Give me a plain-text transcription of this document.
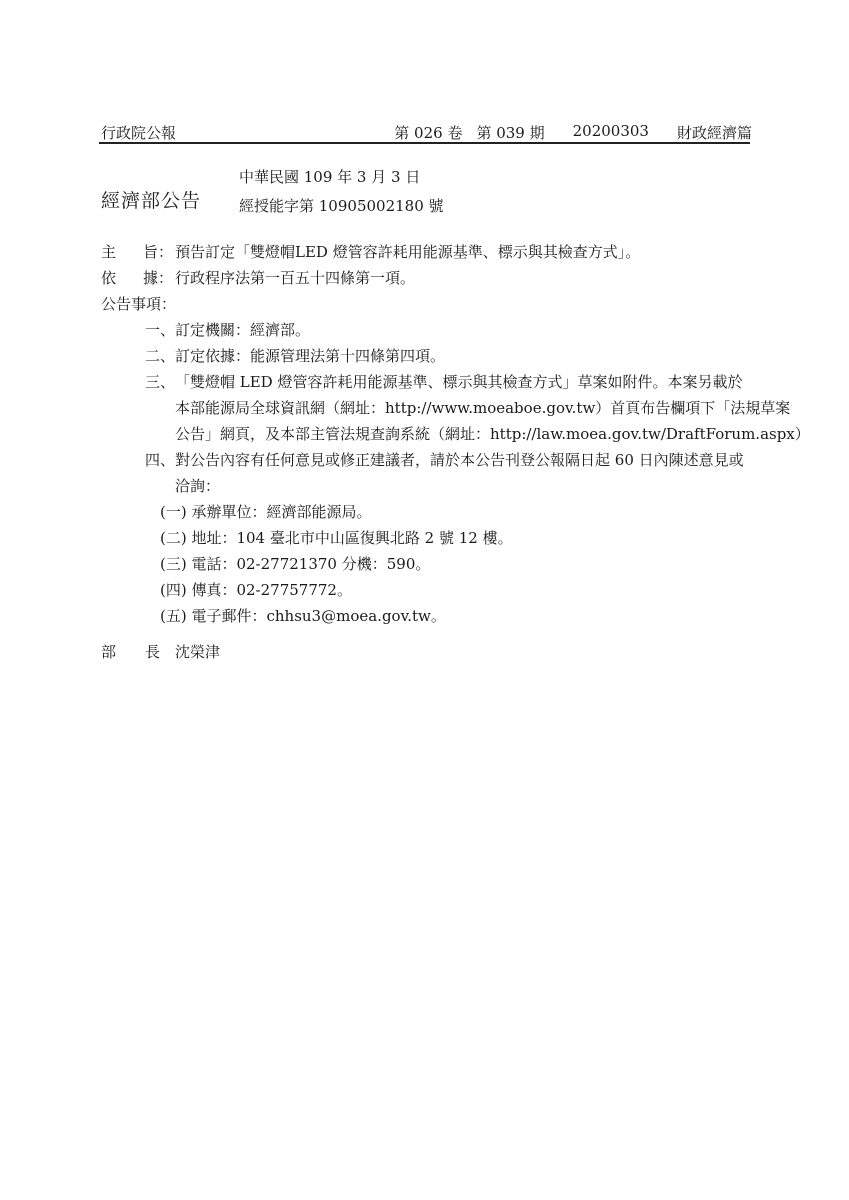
行政院公報	第 026 卷 第 039 期 20200303 財政經濟篇
經濟部公告
中華民國 109 年 3 月 3 日
經授能字第 10905002180 號
主 旨： 預告訂定「雙燈帽LED 燈管容許耗用能源基準、標示與其檢查方式」。
依 據： 行政程序法第一百五十四條第一項。
公告事項：
一、 訂定機關：經濟部。
二、 訂定依據：能源管理法第十四條第四項。
三、 「雙燈帽 LED 燈管容許耗用能源基準、標示與其檢查方式」草案如附件。本案另載於
本部能源局全球資訊網（網址：http://www.moeaboe.gov.tw）首頁布告欄項下「法規草案
公告」網頁，及本部主管法規查詢系統（網址：http://law.moea.gov.tw/DraftForum.aspx）
四、 對公告內容有任何意見或修正建議者，請於本公告刊登公報隔日起 60 日內陳述意見或
洽詢：
(一) 承辦單位：經濟部能源局。
(二) 地址：104 臺北市中山區復興北路 2 號 12 樓。
(三) 電話：02-27721370 分機：590。
(四) 傳真：02-27757772。
(五) 電子郵件：chhsu3@moea.gov.tw。
部 長 沈榮津
